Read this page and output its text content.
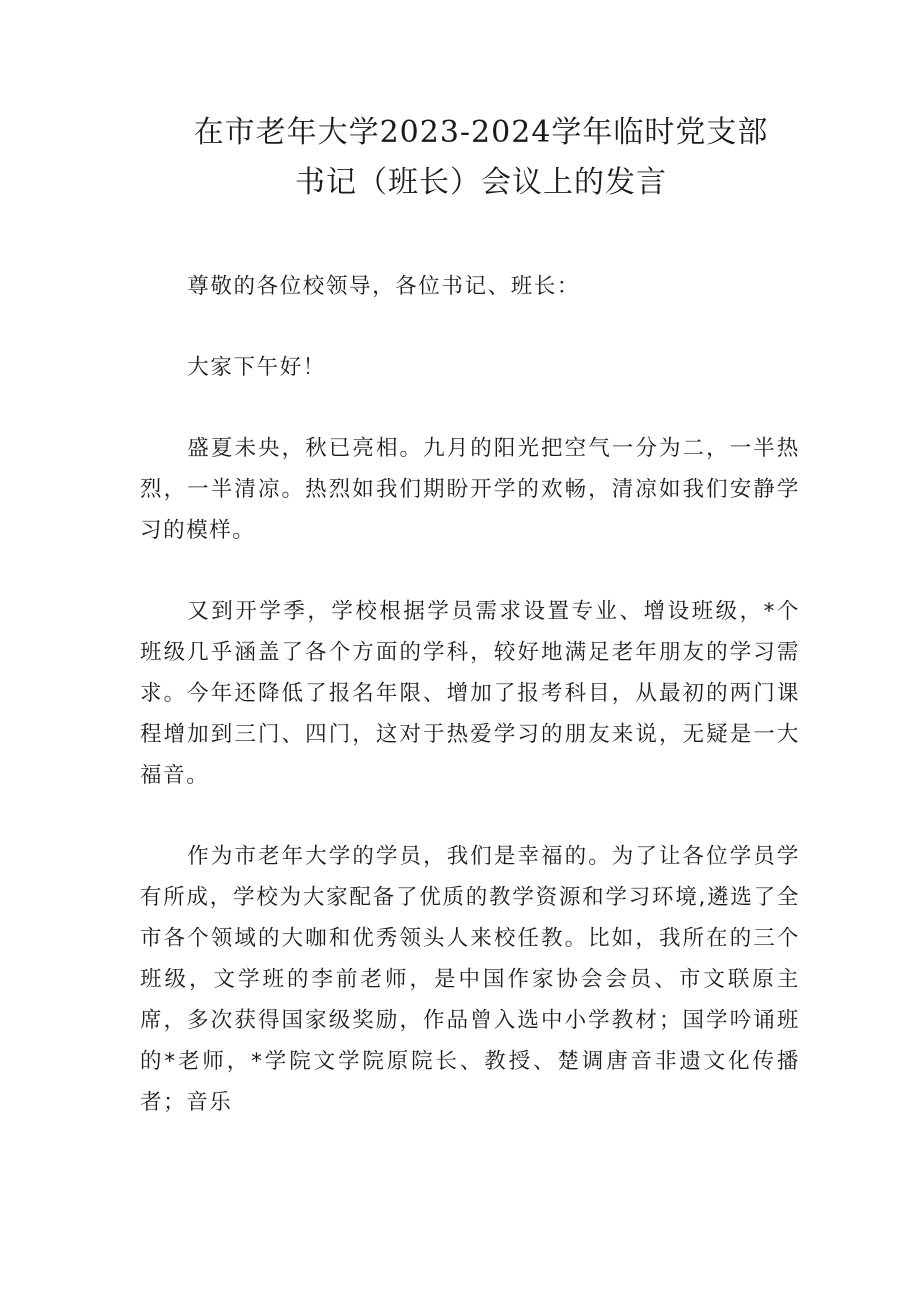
在市老年大学2023-2024学年临时党支部
书记（班长）会议上的发言

尊敬的各位校领导，各位书记、班长：

大家下午好！

盛夏未央，秋已亮相。九月的阳光把空气一分为二，一半热烈，一半清凉。热烈如我们期盼开学的欢畅，清凉如我们安静学习的模样。

又到开学季，学校根据学员需求设置专业、增设班级，*个班级几乎涵盖了各个方面的学科，较好地满足老年朋友的学习需求。今年还降低了报名年限、增加了报考科目，从最初的两门课程增加到三门、四门，这对于热爱学习的朋友来说，无疑是一大福音。

作为市老年大学的学员，我们是幸福的。为了让各位学员学有所成，学校为大家配备了优质的教学资源和学习环境,遴选了全市各个领域的大咖和优秀领头人来校任教。比如，我所在的三个班级，文学班的李前老师，是中国作家协会会员、市文联原主席，多次获得国家级奖励，作品曾入选中小学教材；国学吟诵班的*老师，*学院文学院原院长、教授、楚调唐音非遗文化传播者；音乐
